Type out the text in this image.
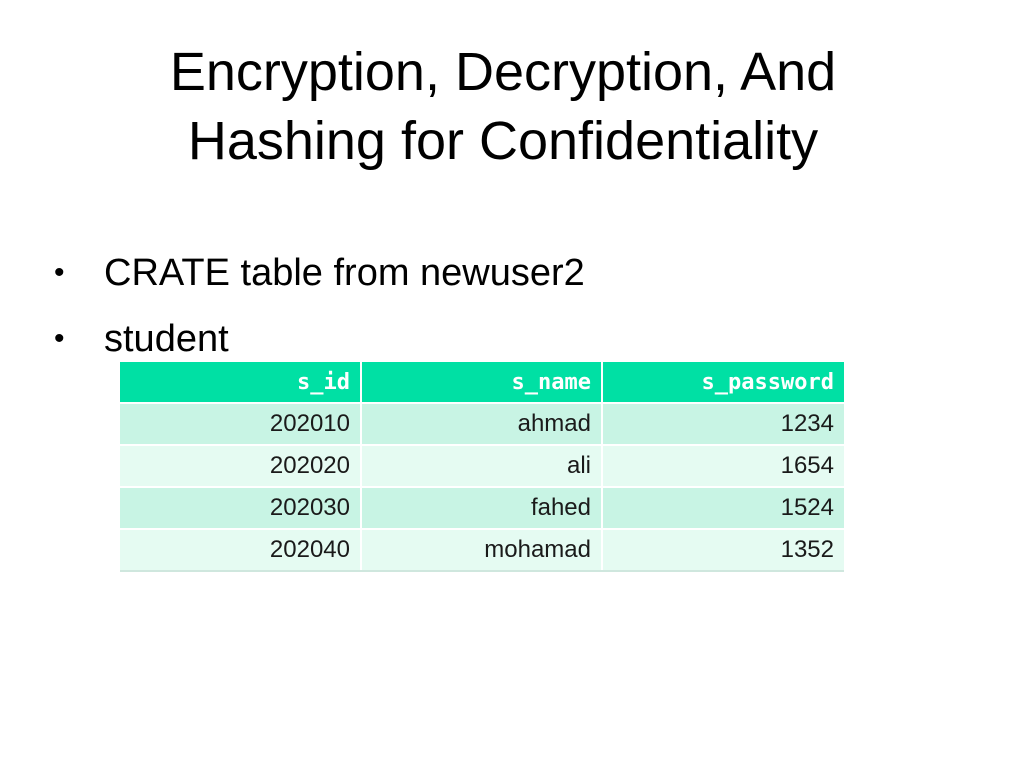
Encryption, Decryption, And
Hashing for Confidentiality
• CRATE table from newuser2
• student
s_id	s_name	s_password
202010	ahmad	1234
202020	ali	1654
202030	fahed	1524
202040	mohamad	1352
